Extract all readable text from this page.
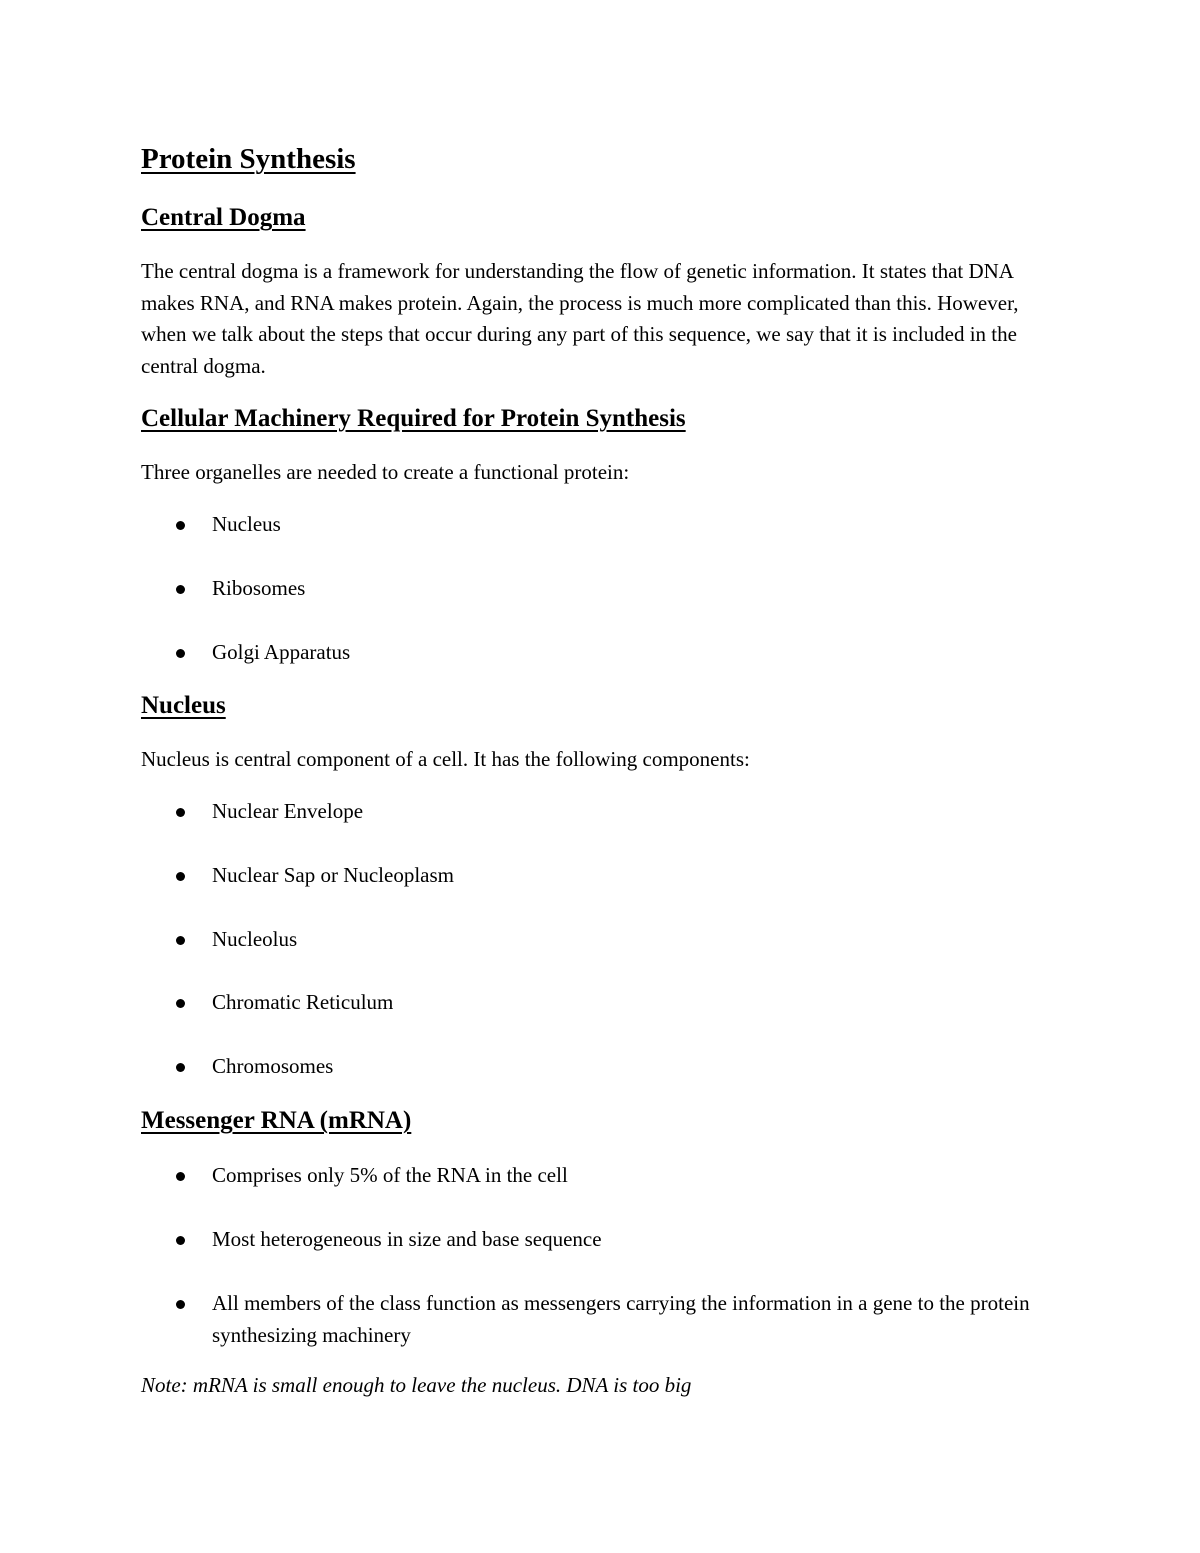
Protein Synthesis
Central Dogma

The central dogma is a framework for understanding the flow of genetic information. It states that DNA makes RNA, and RNA makes protein. Again, the process is much more complicated than this. However, when we talk about the steps that occur during any part of this sequence, we say that it is included in the central dogma.

Cellular Machinery Required for Protein Synthesis

Three organelles are needed to create a functional protein:

Nucleus
Ribosomes
Golgi Apparatus
Nucleus

Nucleus is central component of a cell. It has the following components:

Nuclear Envelope
Nuclear Sap or Nucleoplasm
Nucleolus
Chromatic Reticulum
Chromosomes
Messenger RNA (mRNA)
Comprises only 5% of the RNA in the cell
Most heterogeneous in size and base sequence
All members of the class function as messengers carrying the information in a gene to the protein synthesizing machinery

Note: mRNA is small enough to leave the nucleus. DNA is too big
